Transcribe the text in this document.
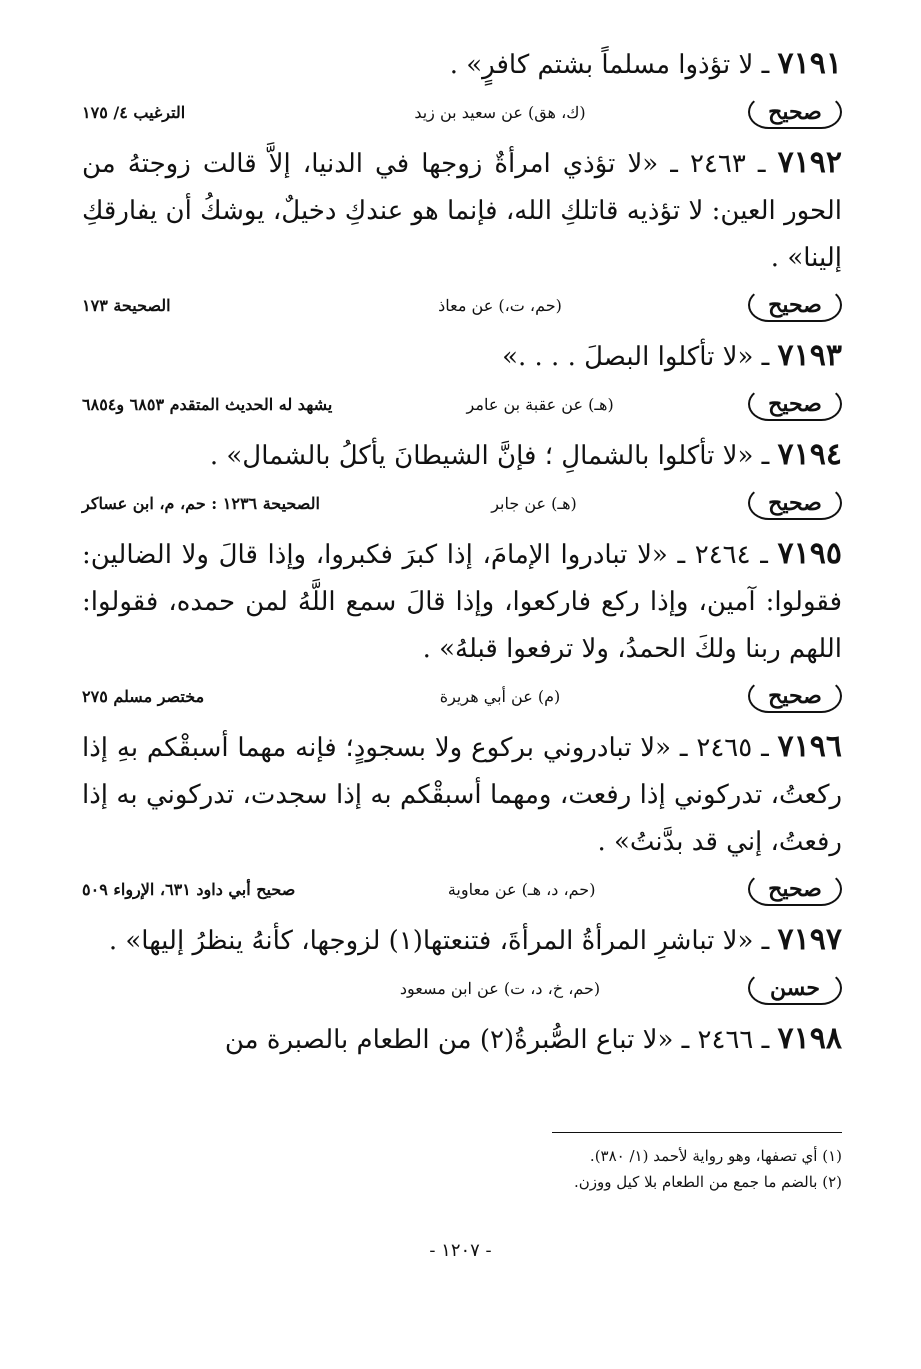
٧١٩١ ـ لا تؤذوا مسلماً بشتم كافرٍ» .

صحيح
(ك، هق) عن سعيد بن زيد
الترغيب ٤/ ١٧٥

٧١٩٢ ـ ٢٤٦٣ ـ «لا تؤذي امرأةٌ زوجها في الدنيا، إلاَّ قالت زوجتهُ من الحور العين: لا تؤذيه قاتلكِ الله، فإنما هو عندكِ دخيلٌ، يوشكُ أن يفارقكِ إلينا» .

صحيح
(حم، ت،) عن معاذ
الصحيحة ١٧٣

٧١٩٣ ـ «لا تأكلوا البصلَ . . . .»

صحيح
(هـ) عن عقبة بن عامر
يشهد له الحديث المتقدم ٦٨٥٣ و٦٨٥٤

٧١٩٤ ـ «لا تأكلوا بالشمالِ ؛ فإنَّ الشيطانَ يأكلُ بالشمال» .

صحيح
(هـ) عن جابر
الصحيحة ١٢٣٦ : حم، م، ابن عساكر

٧١٩٥ ـ ٢٤٦٤ ـ «لا تبادروا الإمامَ، إذا كبرَ فكبروا، وإذا قالَ ولا الضالين: فقولوا: آمين، وإذا ركع فاركعوا، وإذا قالَ سمع اللَّهُ لمن حمده، فقولوا: اللهم ربنا ولكَ الحمدُ، ولا ترفعوا قبلهُ» .

صحيح
(م) عن أبي هريرة
مختصر مسلم ٢٧٥

٧١٩٦ ـ ٢٤٦٥ ـ «لا تبادروني بركوع ولا بسجودٍ؛ فإنه مهما أسبقْكم بهِ إذا ركعتُ، تدركوني إذا رفعت، ومهما أسبقْكم به إذا سجدت، تدركوني به إذا رفعتُ، إني قد بدَّنتُ» .

صحيح
(حم، د، هـ) عن معاوية
صحيح أبي داود ٦٣١، الإرواء ٥٠٩

٧١٩٧ ـ «لا تباشرِ المرأةُ المرأةَ، فتنعتها(١) لزوجها، كأنهُ ينظرُ إليها» .

حسن
(حم، خ، د، ت) عن ابن مسعود

٧١٩٨ ـ ٢٤٦٦ ـ «لا تباع الصُّبرةُ(٢) من الطعام بالصبرة من

(١) أي تصفها، وهو رواية لأحمد (١/ ٣٨٠).

(٢) بالضم ما جمع من الطعام بلا كيل ووزن.

- ١٢٠٧ -
